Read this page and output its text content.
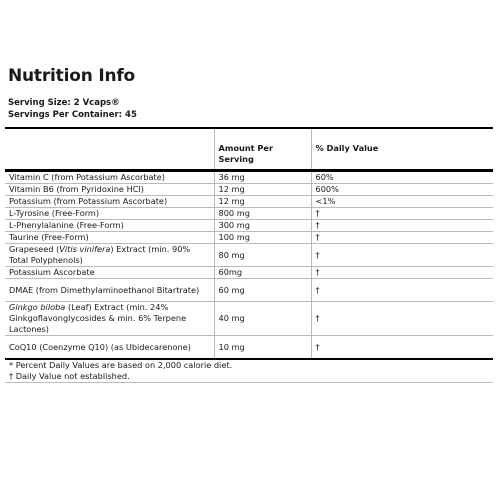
Nutrition Info
Serving Size: 2 Vcaps®
Servings Per Container: 45
	Amount Per Serving	% Daily Value
Vitamin C (from Potassium Ascorbate)	36 mg	60%
Vitamin B6 (from Pyridoxine HCl)	12 mg	600%
Potassium (from Potassium Ascorbate)	12 mg	<1%
L-Tyrosine (Free-Form)	800 mg	†
L-Phenylalanine (Free-Form)	300 mg	†
Taurine (Free-Form)	100 mg	†
Grapeseed (Vitis vinifera) Extract (min. 90% Total Polyphenols)	80 mg	†
Potassium Ascorbate	60mg	†
DMAE (from Dimethylaminoethanol Bitartrate)	60 mg	†
Ginkgo biloba (Leaf) Extract (min. 24% Ginkgoflavonglycosides & min. 6% Terpene Lactones)	40 mg	†
CoQ10 (Coenzyme Q10) (as Ubidecarenone)	10 mg	†

* Percent Daily Values are based on 2,000 calorie diet.
† Daily Value not established.		
